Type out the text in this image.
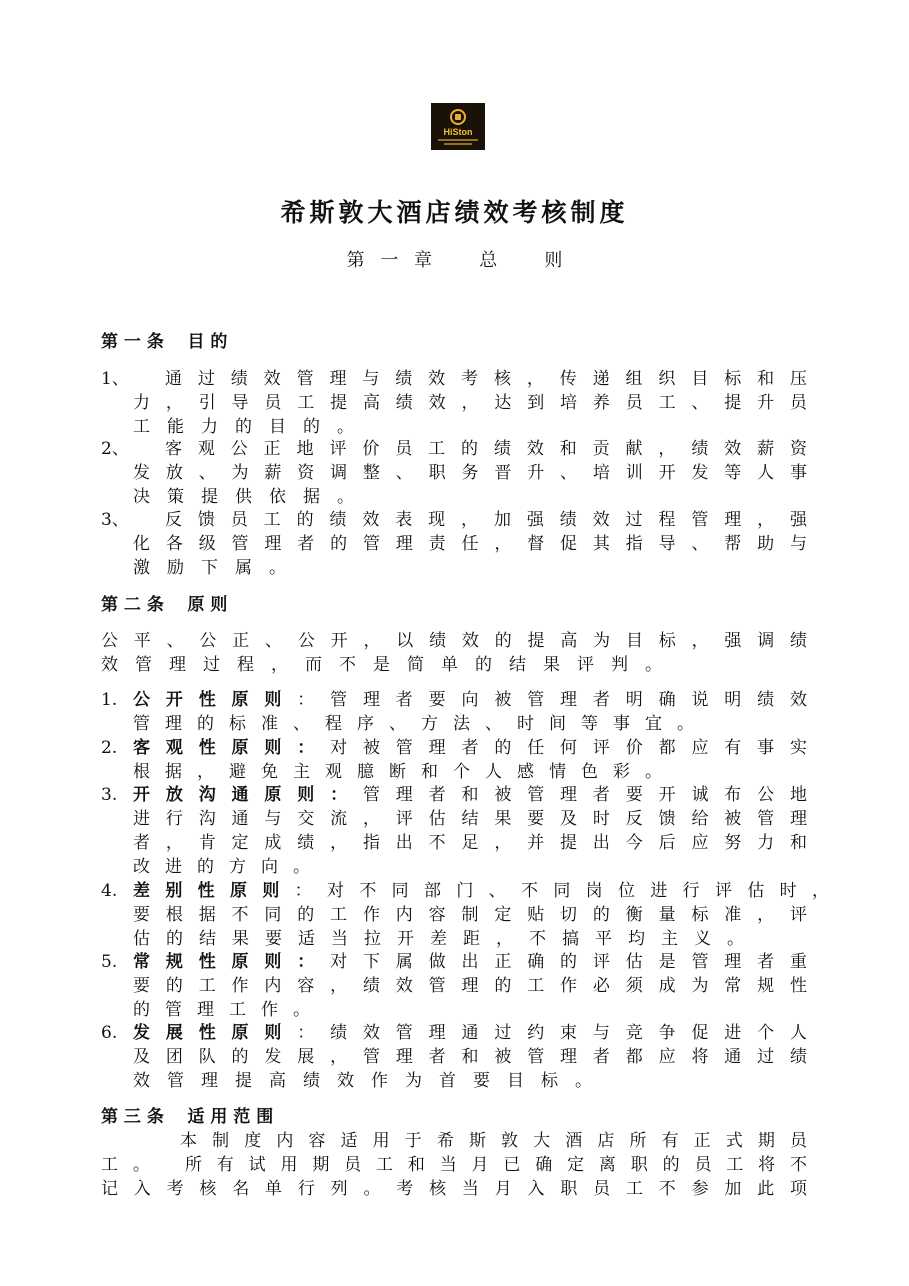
HiSton
希斯敦大酒店绩效考核制度
第 一 章   总   则
第 一 条    目 的
1、	通过绩效管理与绩效考核，传递组织目标和压
力，引导员工提高绩效，达到培养员工、提升员
工能力的目的。
2、	客观公正地评价员工的绩效和贡献，绩效薪资
发放、为薪资调整、职务晋升、培训开发等人事
决策提供依据。
3、	反馈员工的绩效表现，加强绩效过程管理，强
化各级管理者的管理责任，督促其指导、帮助与
激励下属。
第 二 条    原 则
公平、公正、公开，以绩效的提高为目标，强调绩
效管理过程，而不是简单的结果评判。
1. 公开性原则：管理者要向被管理者明确说明绩效
管理的标准、程序、方法、时间等事宜。
2. 客观性原则：对被管理者的任何评价都应有事实
根据，避免主观臆断和个人感情色彩。
3. 开放沟通原则：管理者和被管理者要开诚布公地
进行沟通与交流，评估结果要及时反馈给被管理
者，肯定成绩，指出不足，并提出今后应努力和
改进的方向。
4. 差别性原则：对不同部门、不同岗位进行评估时，
要根据不同的工作内容制定贴切的衡量标准，评
估的结果要适当拉开差距，不搞平均主义。
5. 常规性原则：对下属做出正确的评估是管理者重
要的工作内容，绩效管理的工作必须成为常规性
的管理工作。
6. 发展性原则：绩效管理通过约束与竞争促进个人
及团队的发展，管理者和被管理者都应将通过绩
效管理提高绩效作为首要目标。
第 三 条    适 用 范 围
本制度内容适用于希斯敦大酒店所有正式期员
工。 所有试用期员工和当月已确定离职的员工将不
记入考核名单行列。考核当月入职员工不参加此项
